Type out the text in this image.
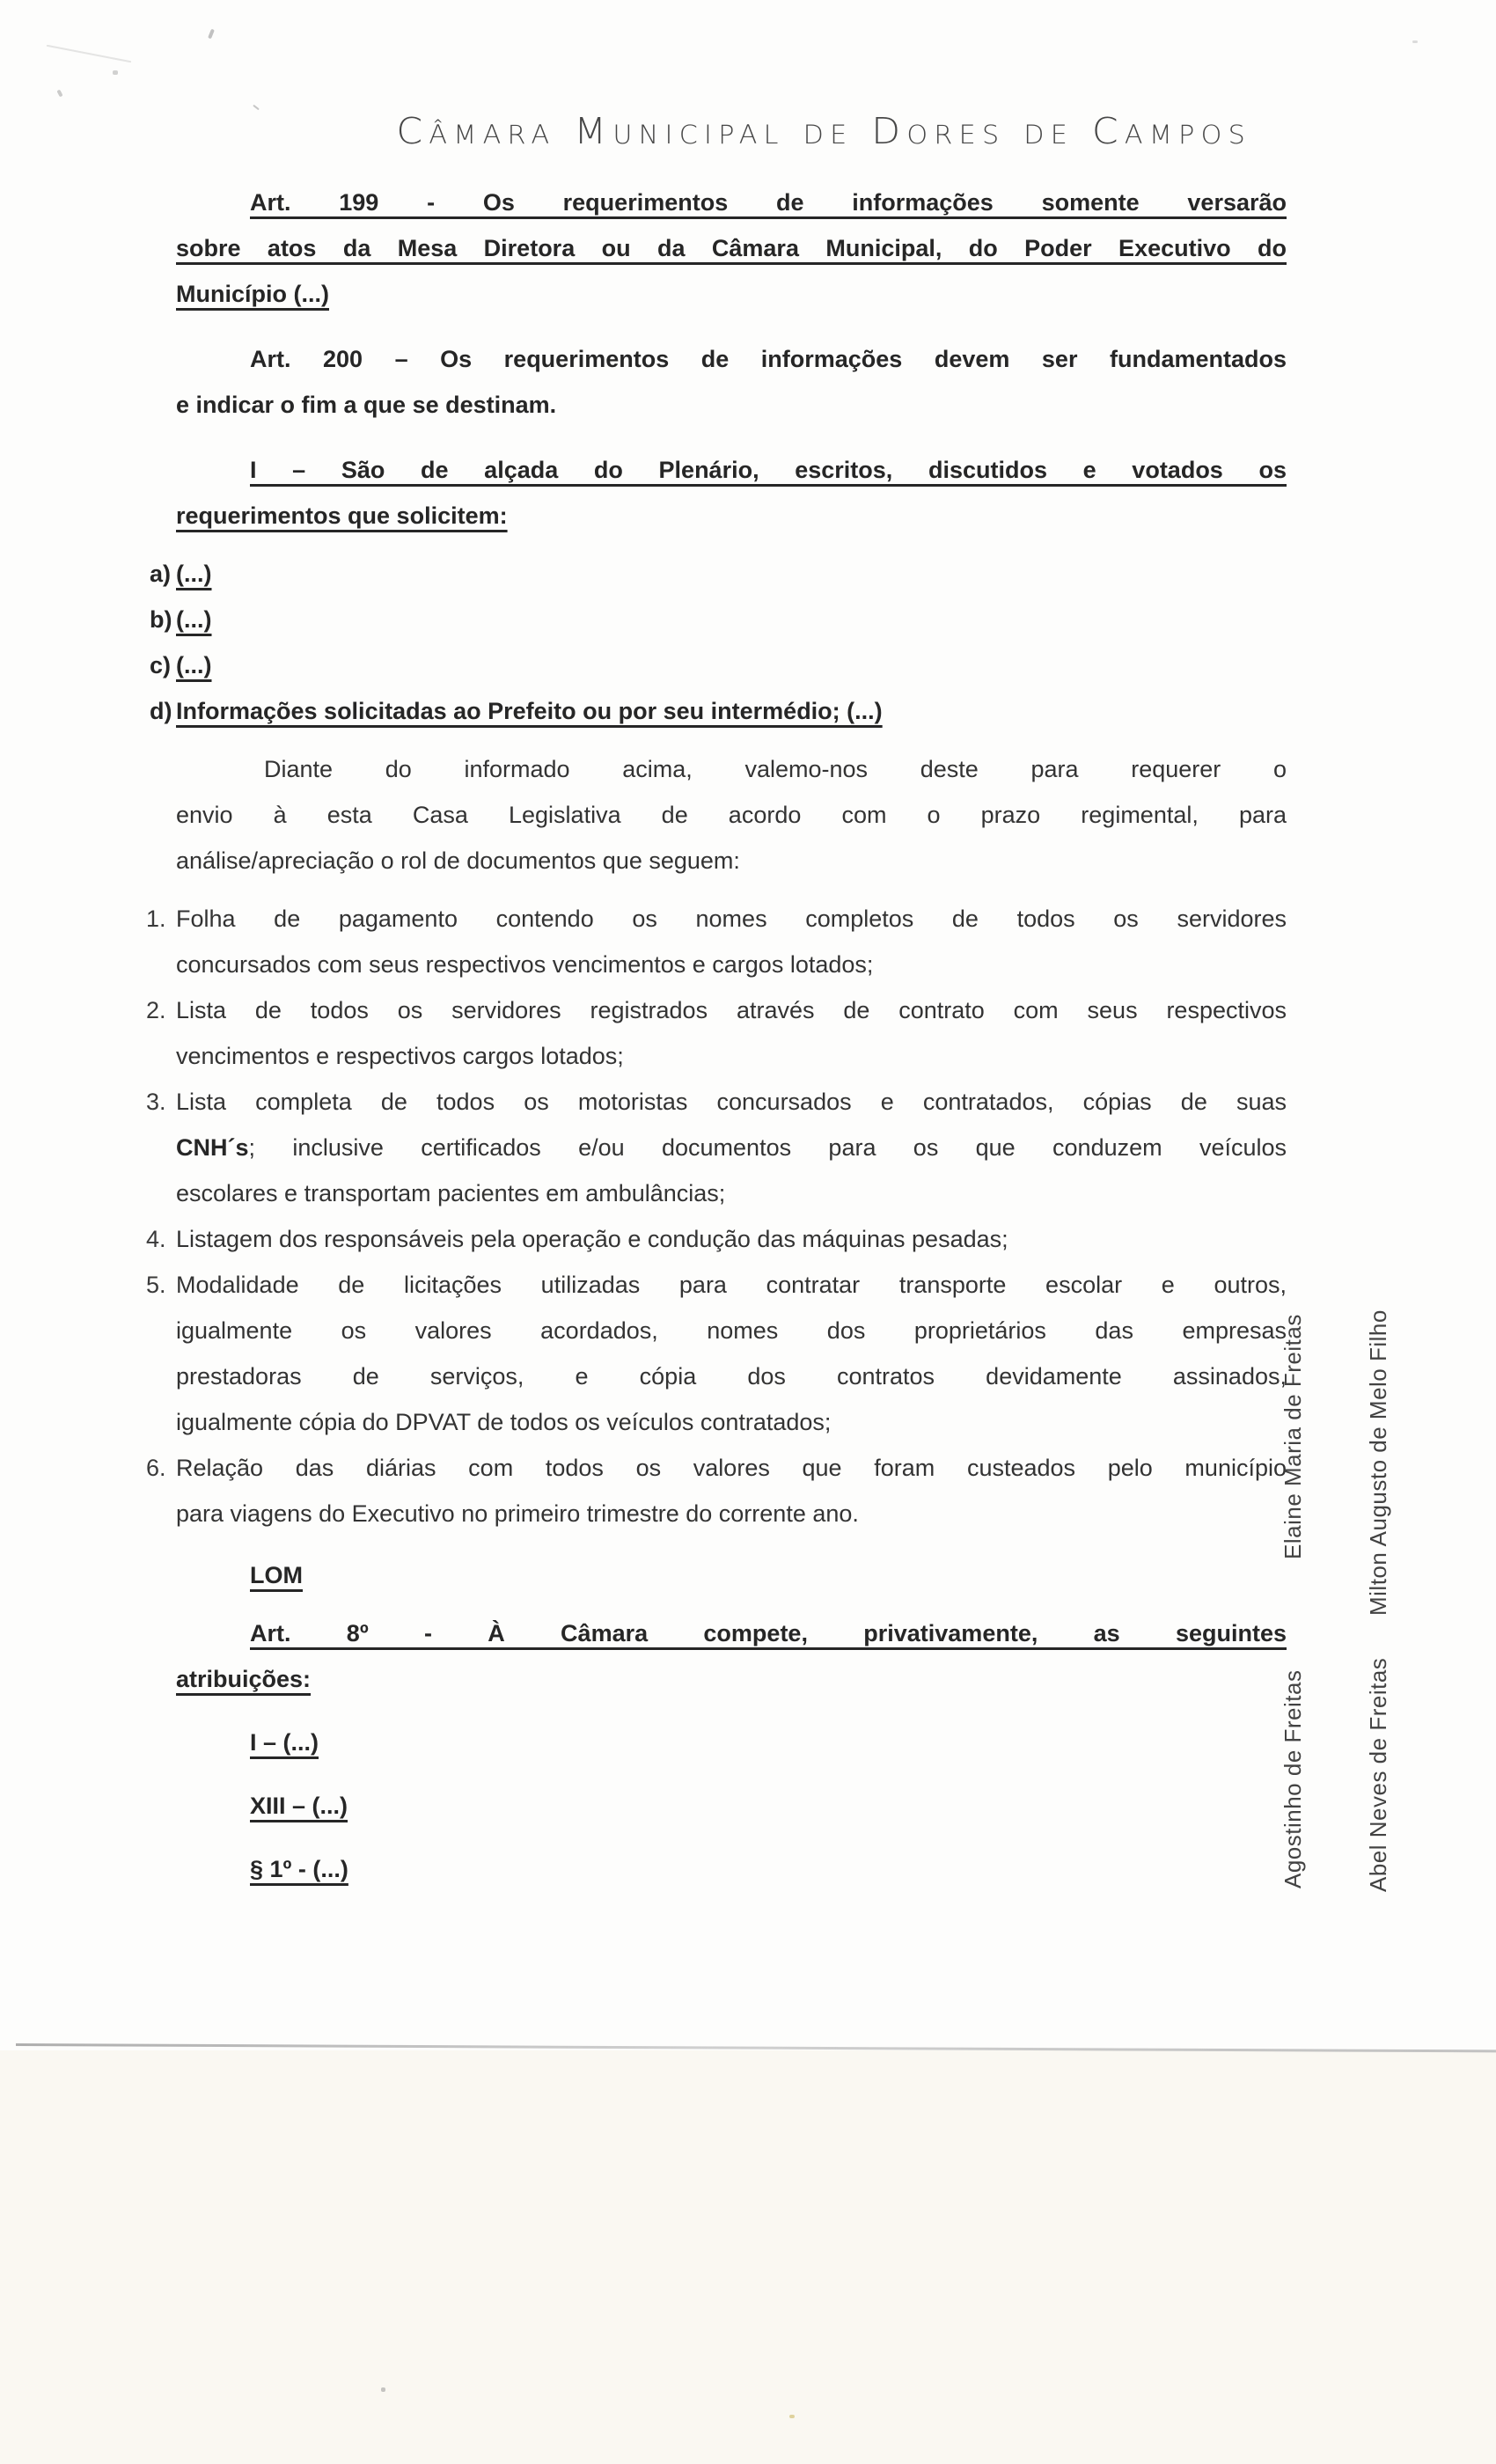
Câmara Municipal de Dores de Campos
Art. 199 - Os requerimentos de informações somente versarão
sobre atos da Mesa Diretora ou da Câmara Municipal, do Poder Executivo do
Município (...)
Art. 200 – Os requerimentos de informações devem ser fundamentados
e indicar o fim a que se destinam.
I – São de alçada do Plenário, escritos, discutidos e votados os
requerimentos que solicitem:
a) (...)
b) (...)
c) (...)
d) Informações solicitadas ao Prefeito ou por seu intermédio; (...)
Diante do informado acima, valemo-nos deste para requerer o
envio à esta Casa Legislativa de acordo com o prazo regimental, para
análise/apreciação o rol de documentos que seguem:
1. Folha de pagamento contendo os nomes completos de todos os servidores
concursados com seus respectivos vencimentos e cargos lotados;
2. Lista de todos os servidores registrados através de contrato com seus respectivos
vencimentos e respectivos cargos lotados;
3. Lista completa de todos os motoristas concursados e contratados, cópias de suas
CNH´s; inclusive certificados e/ou documentos para os que conduzem veículos
escolares e transportam pacientes em ambulâncias;
4. Listagem dos responsáveis pela operação e condução das máquinas pesadas;
5. Modalidade de licitações utilizadas para contratar transporte escolar e outros,
igualmente os valores acordados, nomes dos proprietários das empresas
prestadoras de serviços, e cópia dos contratos devidamente assinados,
igualmente cópia do DPVAT de todos os veículos contratados;
6. Relação das diárias com todos os valores que foram custeados pelo município
para viagens do Executivo no primeiro trimestre do corrente ano.
LOM
Art. 8º - À Câmara compete, privativamente, as seguintes
atribuições:
I – (...)
XIII – (...)
§ 1º - (...)
Elaine Maria de Freitas	Milton Augusto de Melo Filho
Agostinho de Freitas	Abel Neves de Freitas
